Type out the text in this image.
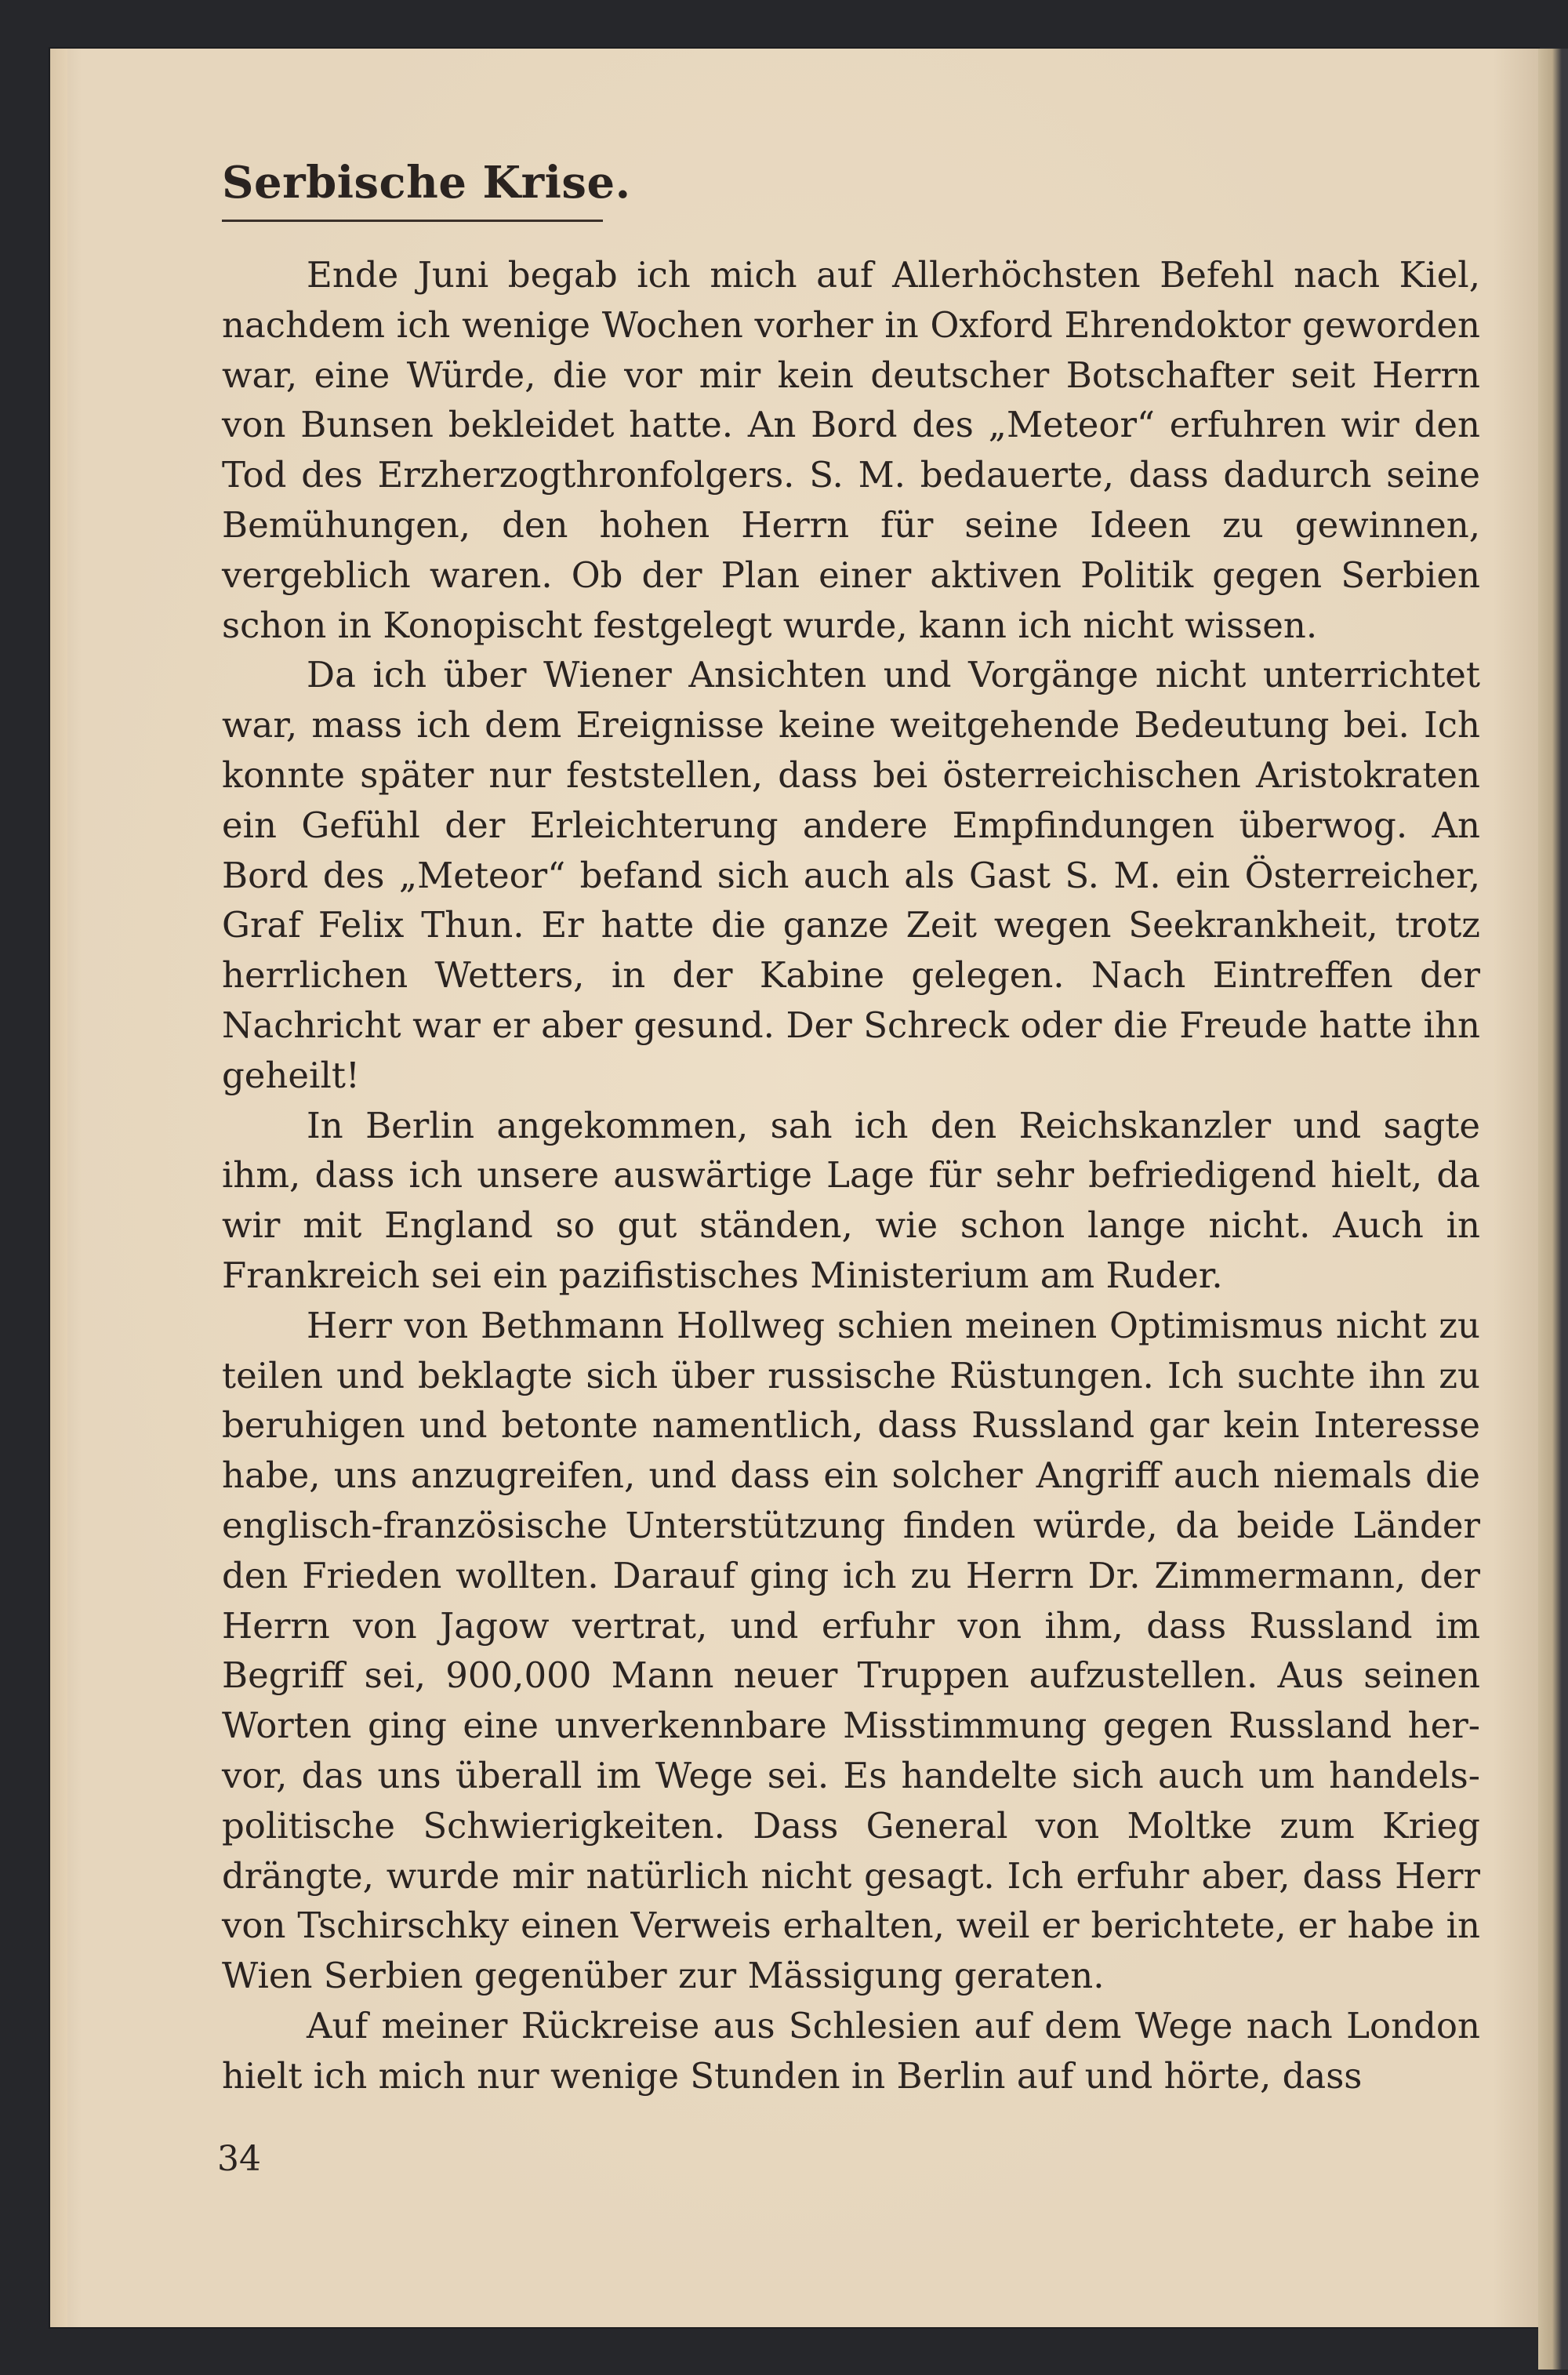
Serbische Krise.

Ende Juni begab ich mich auf Allerhöchsten Befehl nach Kiel, nachdem ich wenige Wochen vorher in Oxford Ehrendoktor geworden war, eine Würde, die vor mir kein deutscher Botschafter seit Herrn von Bunsen bekleidet hatte. An Bord des „Meteor“ erfuhren wir den Tod des Erzherzogthronfolgers. S. M. bedauerte, dass dadurch seine Bemühungen, den hohen Herrn für seine Ideen zu gewinnen, vergeblich waren. Ob der Plan einer aktiven Politik gegen Serbien schon in Konopischt festgelegt wurde, kann ich nicht wissen.

Da ich über Wiener Ansichten und Vorgänge nicht unterrichtet war, mass ich dem Ereignisse keine weitgehende Bedeutung bei. Ich konnte später nur feststellen, dass bei österreichischen Aristokraten ein Gefühl der Erleichterung andere Empfindungen überwog. An Bord des „Meteor“ befand sich auch als Gast S. M. ein Österreicher, Graf Felix Thun. Er hatte die ganze Zeit wegen Seekrankheit, trotz herrlichen Wetters, in der Kabine gelegen. Nach Eintreffen der Nachricht war er aber gesund. Der Schreck oder die Freude hatte ihn geheilt!

In Berlin angekommen, sah ich den Reichskanzler und sagte ihm, dass ich unsere auswärtige Lage für sehr befriedigend hielt, da wir mit England so gut ständen, wie schon lange nicht. Auch in Frankreich sei ein pazifistisches Ministerium am Ruder.

Herr von Bethmann Hollweg schien meinen Optimismus nicht zu teilen und beklagte sich über russische Rüstungen. Ich suchte ihn zu beruhigen und betonte namentlich, dass Russland gar kein Interesse habe, uns anzugreifen, und dass ein solcher Angriff auch niemals die englisch-französische Unterstützung finden würde, da beide Länder den Frieden wollten. Darauf ging ich zu Herrn Dr. Zimmermann, der Herrn von Jagow vertrat, und erfuhr von ihm, dass Russland im Begriff sei, 900,000 Mann neuer Truppen aufzustellen. Aus seinen Worten ging eine unverkennbare Misstimmung gegen Russland hervor, das uns überall im Wege sei. Es handelte sich auch um handelspolitische Schwierigkeiten. Dass General von Moltke zum Krieg drängte, wurde mir natürlich nicht gesagt. Ich erfuhr aber, dass Herr von Tschirschky einen Verweis erhalten, weil er berichtete, er habe in Wien Serbien gegenüber zur Mässigung geraten.

Auf meiner Rückreise aus Schlesien auf dem Wege nach London hielt ich mich nur wenige Stunden in Berlin auf und hörte, dass

34
